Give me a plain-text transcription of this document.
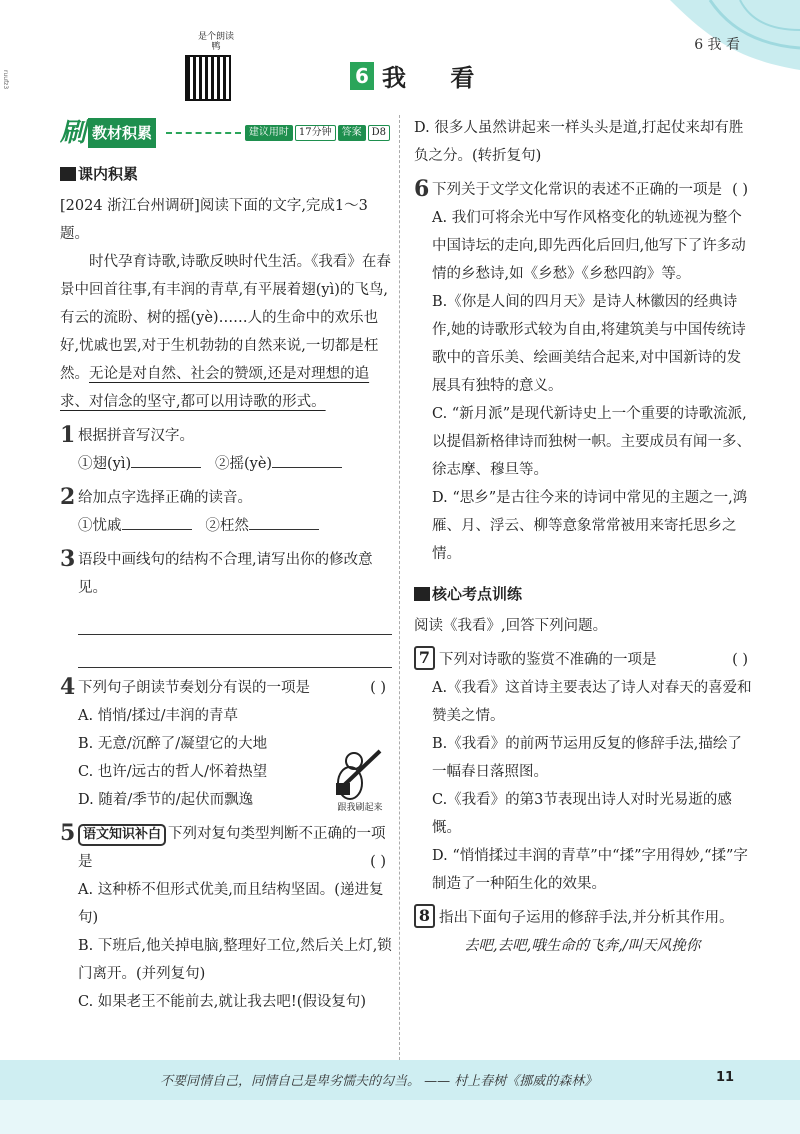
ruufz3
6 我 看
是个朗读鸭
6 我 看
刷 教材积累	建议用时	17分钟	答案	D8
课内积累

[2024 浙江台州调研]阅读下面的文字,完成1～3题。

时代孕育诗歌,诗歌反映时代生活。《我看》在春景中回首往事,有丰润的青草,有平展着翅(yì)的飞鸟,有云的流盼、树的摇(yè)……人的生命中的欢乐也好,忧戚也罢,对于生机勃勃的自然来说,一切都是枉然。无论是对自然、社会的赞颂,还是对理想的追求、对信念的坚守,都可以用诗歌的形式。

1 根据拼音写汉字。
①翅(yì)	②摇(yè)
2 给加点字选择正确的读音。
①忧戚	②枉然
3 语段中画线句的结构不合理,请写出你的修改意见。
4 下列句子朗读节奏划分有误的一项是	( )
A. 悄悄/揉过/丰润的青草
B. 无意/沉醉了/凝望它的大地
C. 也许/远古的哲人/怀着热望
D. 随着/季节的/起伏而飘逸
5 语文知识补白 下列对复句类型判断不正确的一项是	( )
A. 这种桥不但形式优美,而且结构坚固。(递进复句)
B. 下班后,他关掉电脑,整理好工位,然后关上灯,锁门离开。(并列复句)
C. 如果老王不能前去,就让我去吧!(假设复句)
跟我刷起来
D. 很多人虽然讲起来一样头头是道,打起仗来却有胜负之分。(转折复句)
6 下列关于文学文化常识的表述不正确的一项是 ( )
A. 我们可将余光中写作风格变化的轨迹视为整个中国诗坛的走向,即先西化后回归,他写下了许多动情的乡愁诗,如《乡愁》《乡愁四韵》等。
B.《你是人间的四月天》是诗人林徽因的经典诗作,她的诗歌形式较为自由,将建筑美与中国传统诗歌中的音乐美、绘画美结合起来,对中国新诗的发展具有独特的意义。
C. “新月派”是现代新诗史上一个重要的诗歌流派,以提倡新格律诗而独树一帜。主要成员有闻一多、徐志摩、穆旦等。
D. “思乡”是古往今来的诗词中常见的主题之一,鸿雁、月、浮云、柳等意象常常被用来寄托思乡之情。
核心考点训练

阅读《我看》,回答下列问题。

7 下列对诗歌的鉴赏不准确的一项是	( )
A.《我看》这首诗主要表达了诗人对春天的喜爱和赞美之情。
B.《我看》的前两节运用反复的修辞手法,描绘了一幅春日落照图。
C.《我看》的第3节表现出诗人对时光易逝的感慨。
D. “悄悄揉过丰润的青草”中“揉”字用得妙,“揉”字制造了一种陌生化的效果。
8 指出下面句子运用的修辞手法,并分析其作用。
去吧,去吧,哦生命的飞奔,/叫天风挽你
不要同情自己，同情自己是卑劣懦夫的勾当。 —— 村上春树《挪威的森林》	11
